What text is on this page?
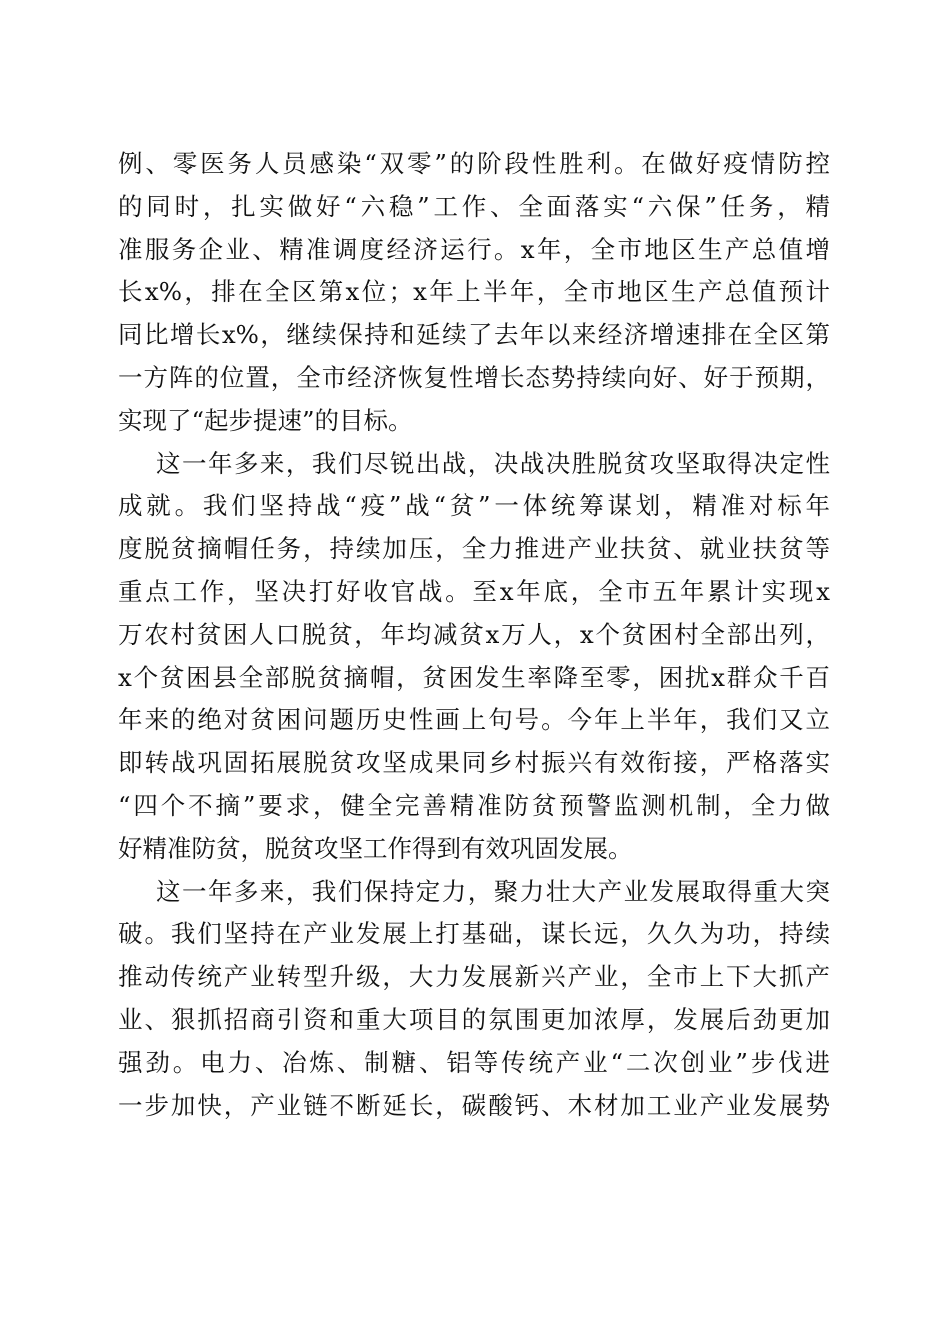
例、零医务人员感染“双零”的阶段性胜利。在做好疫情防控
的同时，扎实做好“六稳”工作、全面落实“六保”任务，精
准服务企业、精准调度经济运行。x年，全市地区生产总值增
长x%，排在全区第x位；x年上半年，全市地区生产总值预计
同比增长x%，继续保持和延续了去年以来经济增速排在全区第
一方阵的位置，全市经济恢复性增长态势持续向好、好于预期，
实现了“起步提速”的目标。
这一年多来，我们尽锐出战，决战决胜脱贫攻坚取得决定性
成就。我们坚持战“疫”战“贫”一体统筹谋划，精准对标年
度脱贫摘帽任务，持续加压，全力推进产业扶贫、就业扶贫等
重点工作，坚决打好收官战。至x年底，全市五年累计实现x
万农村贫困人口脱贫，年均减贫x万人，x个贫困村全部出列，
x个贫困县全部脱贫摘帽，贫困发生率降至零，困扰x群众千百
年来的绝对贫困问题历史性画上句号。今年上半年，我们又立
即转战巩固拓展脱贫攻坚成果同乡村振兴有效衔接，严格落实
“四个不摘”要求，健全完善精准防贫预警监测机制，全力做
好精准防贫，脱贫攻坚工作得到有效巩固发展。
这一年多来，我们保持定力，聚力壮大产业发展取得重大突
破。我们坚持在产业发展上打基础，谋长远，久久为功，持续
推动传统产业转型升级，大力发展新兴产业，全市上下大抓产
业、狠抓招商引资和重大项目的氛围更加浓厚，发展后劲更加
强劲。电力、冶炼、制糖、铝等传统产业“二次创业”步伐进
一步加快，产业链不断延长，碳酸钙、木材加工业产业发展势
